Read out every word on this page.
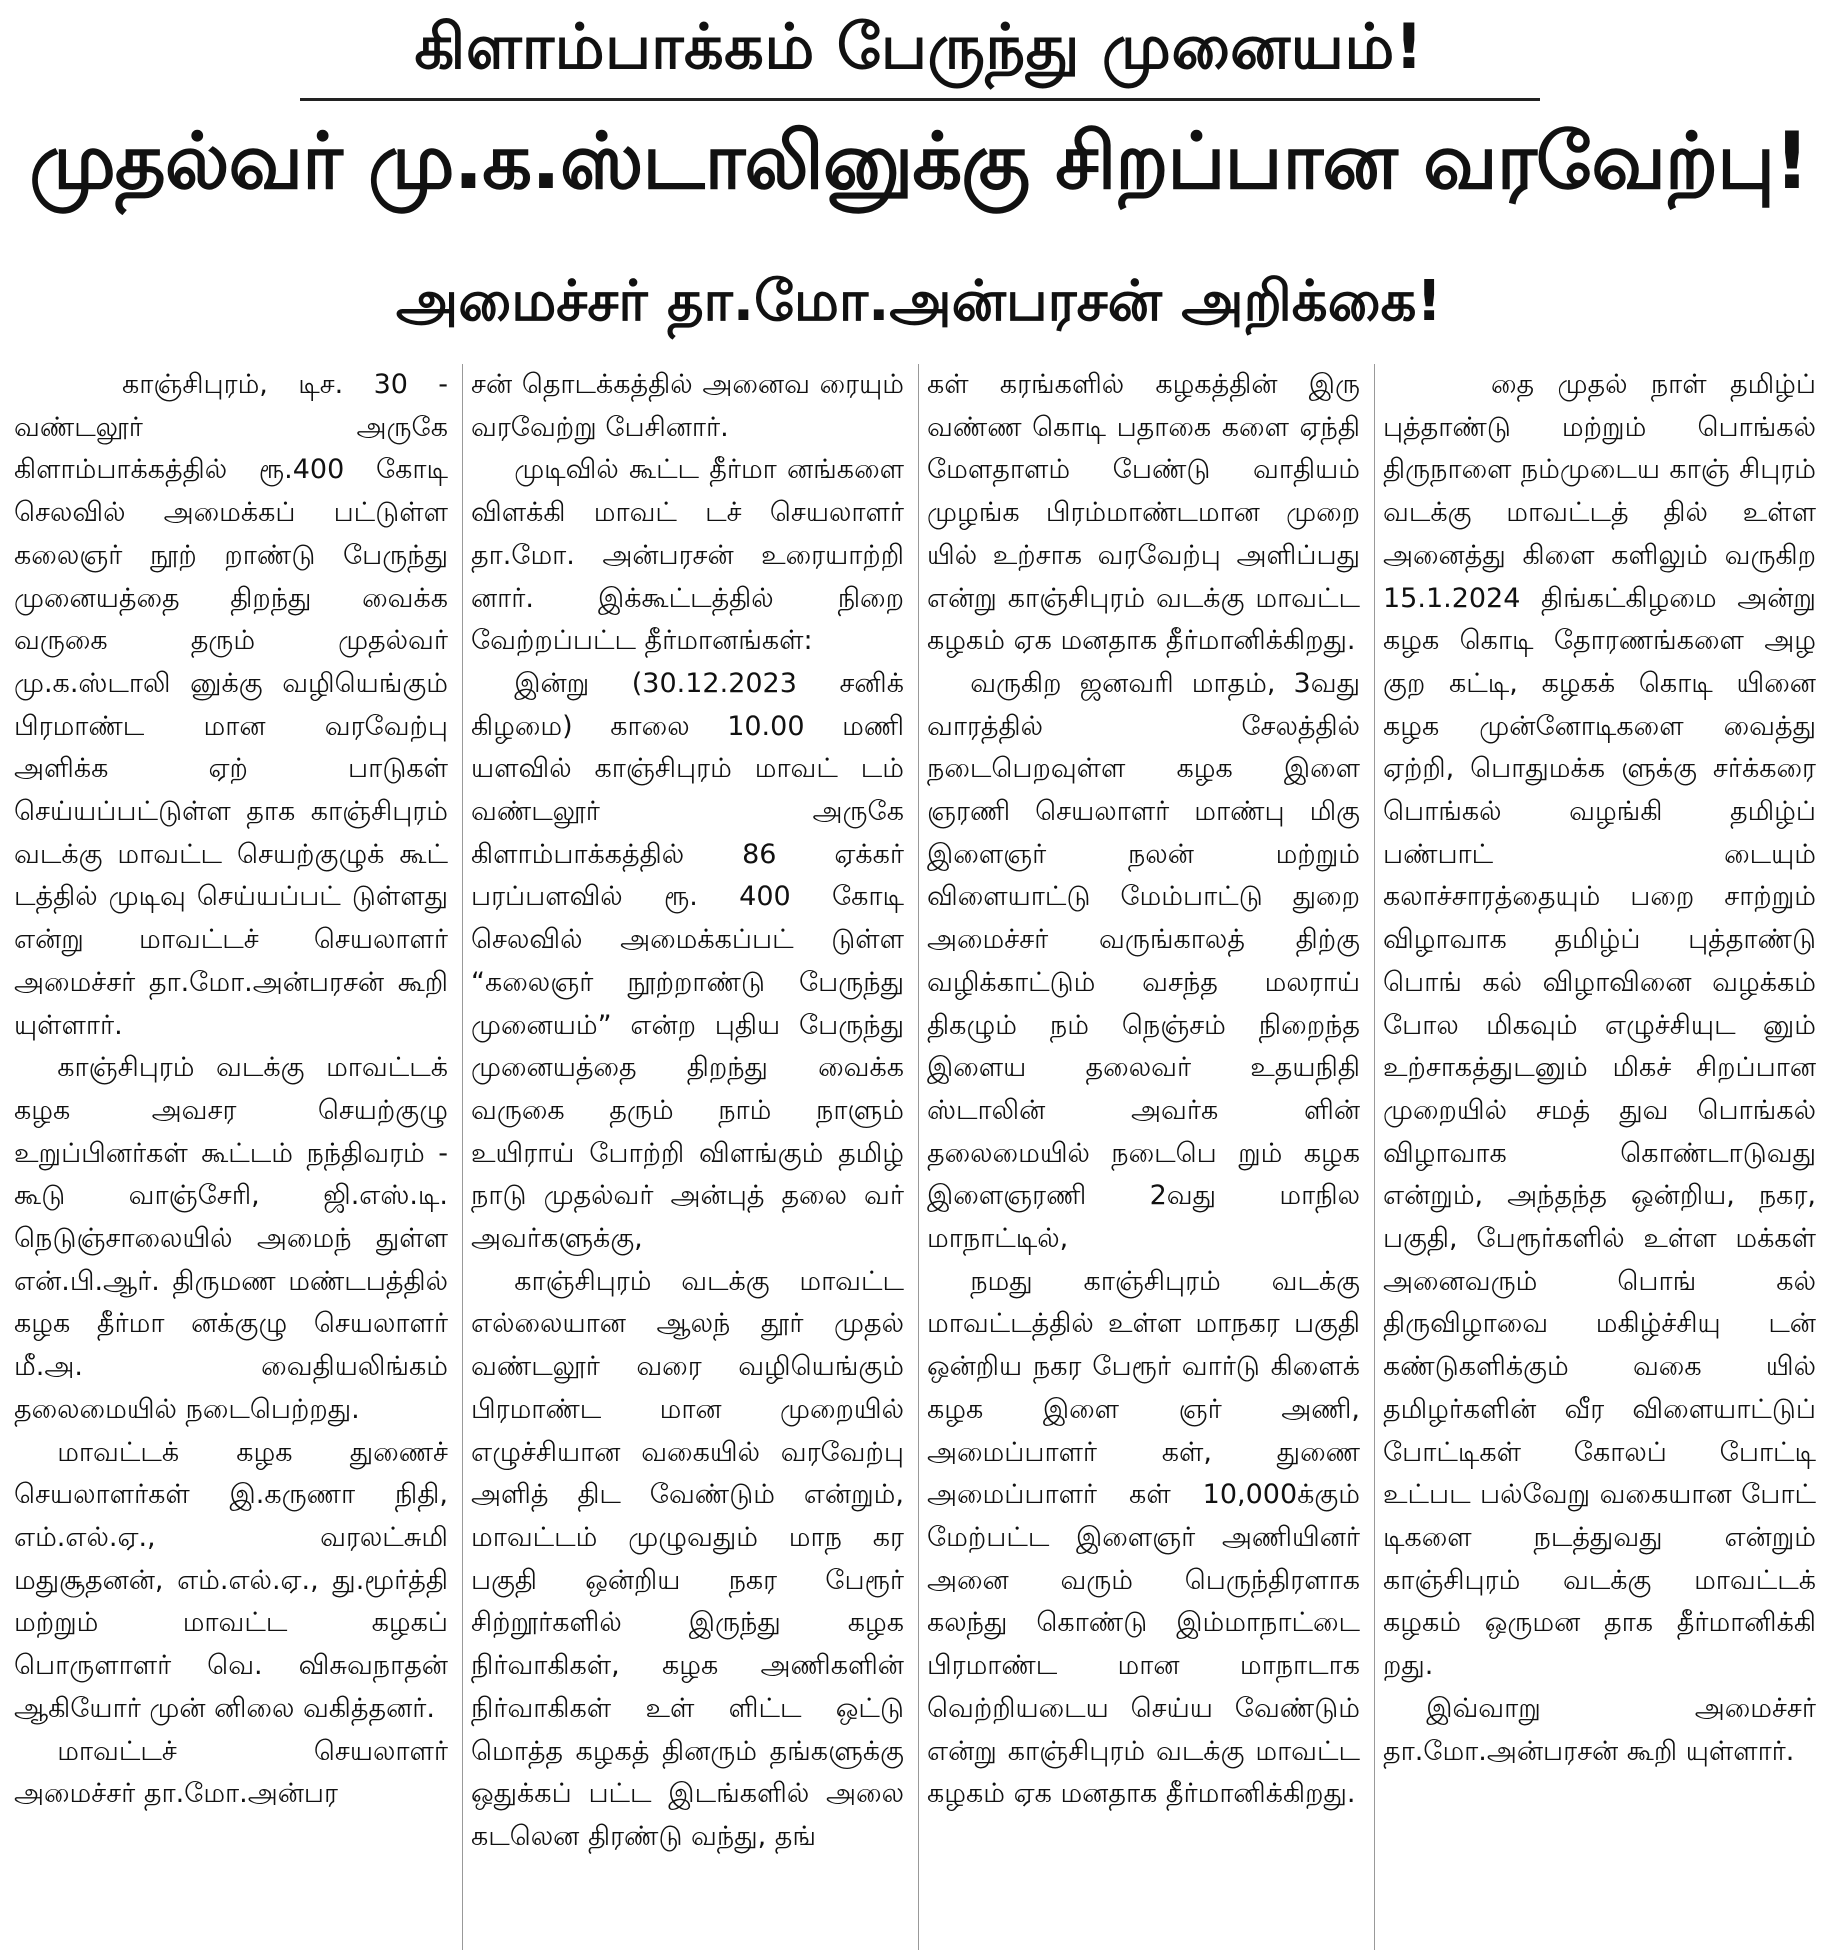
கிளாம்பாக்கம் பேருந்து முனையம்!
முதல்வர் மு.க.ஸ்டாலினுக்கு சிறப்பான வரவேற்பு!
அமைச்சர் தா.மோ.அன்பரசன் அறிக்கை!

காஞ்சிபுரம், டிச. 30 - வண்டலூர் அருகே கிளாம்பாக்கத்தில் ரூ.400 கோடி செலவில் அமைக்கப் பட்டுள்ள கலைஞர் நூற் றாண்டு பேருந்து முனையத்தை திறந்து வைக்க வருகை தரும் முதல்வர் மு.க.ஸ்டாலி னுக்கு வழியெங்கும் பிரமாண்ட மான வரவேற்பு அளிக்க ஏற் பாடுகள் செய்யப்பட்டுள்ள தாக காஞ்சிபுரம் வடக்கு மாவட்ட செயற்குழுக் கூட் டத்தில் முடிவு செய்யப்பட் டுள்ளது என்று மாவட்டச் செயலாளர் அமைச்சர் தா.மோ.அன்பரசன் கூறி யுள்ளார்.

காஞ்சிபுரம் வடக்கு மாவட்டக் கழக அவசர செயற்குழு உறுப்பினர்கள் கூட்டம் நந்திவரம் - கூடு வாஞ்சேரி, ஜி.எஸ்.டி. நெடுஞ்சாலையில் அமைந் துள்ள என்.பி.ஆர். திருமண மண்டபத்தில் கழக தீர்மா னக்குழு செயலாளர் மீ.அ. வைதியலிங்கம் தலைமையில் நடைபெற்றது.

மாவட்டக் கழக துணைச் செயலாளர்கள் இ.கருணா நிதி, எம்.எல்.ஏ., வரலட்சுமி மதுசூதனன், எம்.எல்.ஏ., து.மூர்த்தி மற்றும் மாவட்ட கழகப் பொருளாளர் வெ. விசுவநாதன் ஆகியோர் முன் னிலை வகித்தனர்.

மாவட்டச் செயலாளர் அமைச்சர் தா.மோ.அன்பர

சன் தொடக்கத்தில் அனைவ ரையும் வரவேற்று பேசினார்.

முடிவில் கூட்ட தீர்மா னங்களை விளக்கி மாவட் டச் செயலாளர் தா.மோ. அன்பரசன் உரையாற்றி னார். இக்கூட்டத்தில் நிறை வேற்றப்பட்ட தீர்மானங்கள்:

இன்று (30.12.2023 சனிக் கிழமை) காலை 10.00 மணி யளவில் காஞ்சிபுரம் மாவட் டம் வண்டலூர் அருகே கிளாம்பாக்கத்தில் 86 ஏக்கர் பரப்பளவில் ரூ. 400 கோடி செலவில் அமைக்கப்பட் டுள்ள “கலைஞர் நூற்றாண்டு பேருந்து முனையம்” என்ற புதிய பேருந்து முனையத்தை திறந்து வைக்க வருகை தரும் நாம் நாளும் உயிராய் போற்றி விளங்கும் தமிழ் நாடு முதல்வர் அன்புத் தலை வர் அவர்களுக்கு,

காஞ்சிபுரம் வடக்கு மாவட்ட எல்லையான ஆலந் தூர் முதல் வண்டலூர் வரை வழியெங்கும் பிரமாண்ட மான முறையில் எழுச்சியான வகையில் வரவேற்பு அளித் திட வேண்டும் என்றும், மாவட்டம் முழுவதும் மாந கர பகுதி ஒன்றிய நகர பேரூர் சிற்றூர்களில் இருந்து கழக நிர்வாகிகள், கழக அணிகளின் நிர்வாகிகள் உள் ளிட்ட ஒட்டு மொத்த கழகத் தினரும் தங்களுக்கு ஒதுக்கப் பட்ட இடங்களில் அலை கடலென திரண்டு வந்து, தங்

கள் கரங்களில் கழகத்தின் இரு வண்ண கொடி பதாகை களை ஏந்தி மேளதாளம் பேண்டு வாதியம் முழங்க பிரம்மாண்டமான முறை யில் உற்சாக வரவேற்பு அளிப்பது என்று காஞ்சிபுரம் வடக்கு மாவட்ட கழகம் ஏக மனதாக தீர்மானிக்கிறது.

வருகிற ஜனவரி மாதம், 3வது வாரத்தில் சேலத்தில் நடைபெறவுள்ள கழக இளை ஞரணி செயலாளர் மாண்பு மிகு இளைஞர் நலன் மற்றும் விளையாட்டு மேம்பாட்டு துறை அமைச்சர் வருங்காலத் திற்கு வழிக்காட்டும் வசந்த மலராய் திகழும் நம் நெஞ்சம் நிறைந்த இளைய தலைவர் உதயநிதி ஸ்டாலின் அவர்க ளின் தலைமையில் நடைபெ றும் கழக இளைஞரணி 2வது மாநில மாநாட்டில்,

நமது காஞ்சிபுரம் வடக்கு மாவட்டத்தில் உள்ள மாநகர பகுதி ஒன்றிய நகர பேரூர் வார்டு கிளைக் கழக இளை ஞர் அணி, அமைப்பாளர் கள், துணை அமைப்பாளர் கள் 10,000க்கும் மேற்பட்ட இளைஞர் அணியினர் அனை வரும் பெருந்திரளாக கலந்து கொண்டு இம்மாநாட்டை பிரமாண்ட மான மாநாடாக வெற்றியடைய செய்ய வேண்டும் என்று காஞ்சிபுரம் வடக்கு மாவட்ட கழகம் ஏக மனதாக தீர்மானிக்கிறது.

தை முதல் நாள் தமிழ்ப் புத்தாண்டு மற்றும் பொங்கல் திருநாளை நம்முடைய காஞ் சிபுரம் வடக்கு மாவட்டத் தில் உள்ள அனைத்து கிளை களிலும் வருகிற 15.1.2024 திங்கட்கிழமை அன்று கழக கொடி தோரணங்களை அழ குற கட்டி, கழகக் கொடி யினை கழக முன்னோடிகளை வைத்து ஏற்றி, பொதுமக்க ளுக்கு சர்க்கரை பொங்கல் வழங்கி தமிழ்ப் பண்பாட் டையும் கலாச்சாரத்தையும் பறை சாற்றும் விழாவாக தமிழ்ப் புத்தாண்டு பொங் கல் விழாவினை வழக்கம் போல மிகவும் எழுச்சியுட னும் உற்சாகத்துடனும் மிகச் சிறப்பான முறையில் சமத் துவ பொங்கல் விழாவாக கொண்டாடுவது என்றும், அந்தந்த ஒன்றிய, நகர, பகுதி, பேரூர்களில் உள்ள மக்கள் அனைவரும் பொங் கல் திருவிழாவை மகிழ்ச்சியு டன் கண்டுகளிக்கும் வகை யில் தமிழர்களின் வீர விளையாட்டுப் போட்டிகள் கோலப் போட்டி உட்பட பல்வேறு வகையான போட் டிகளை நடத்துவது என்றும் காஞ்சிபுரம் வடக்கு மாவட்டக் கழகம் ஒருமன தாக தீர்மானிக்கி றது.

இவ்வாறு அமைச்சர் தா.மோ.அன்பரசன் கூறி யுள்ளார்.
